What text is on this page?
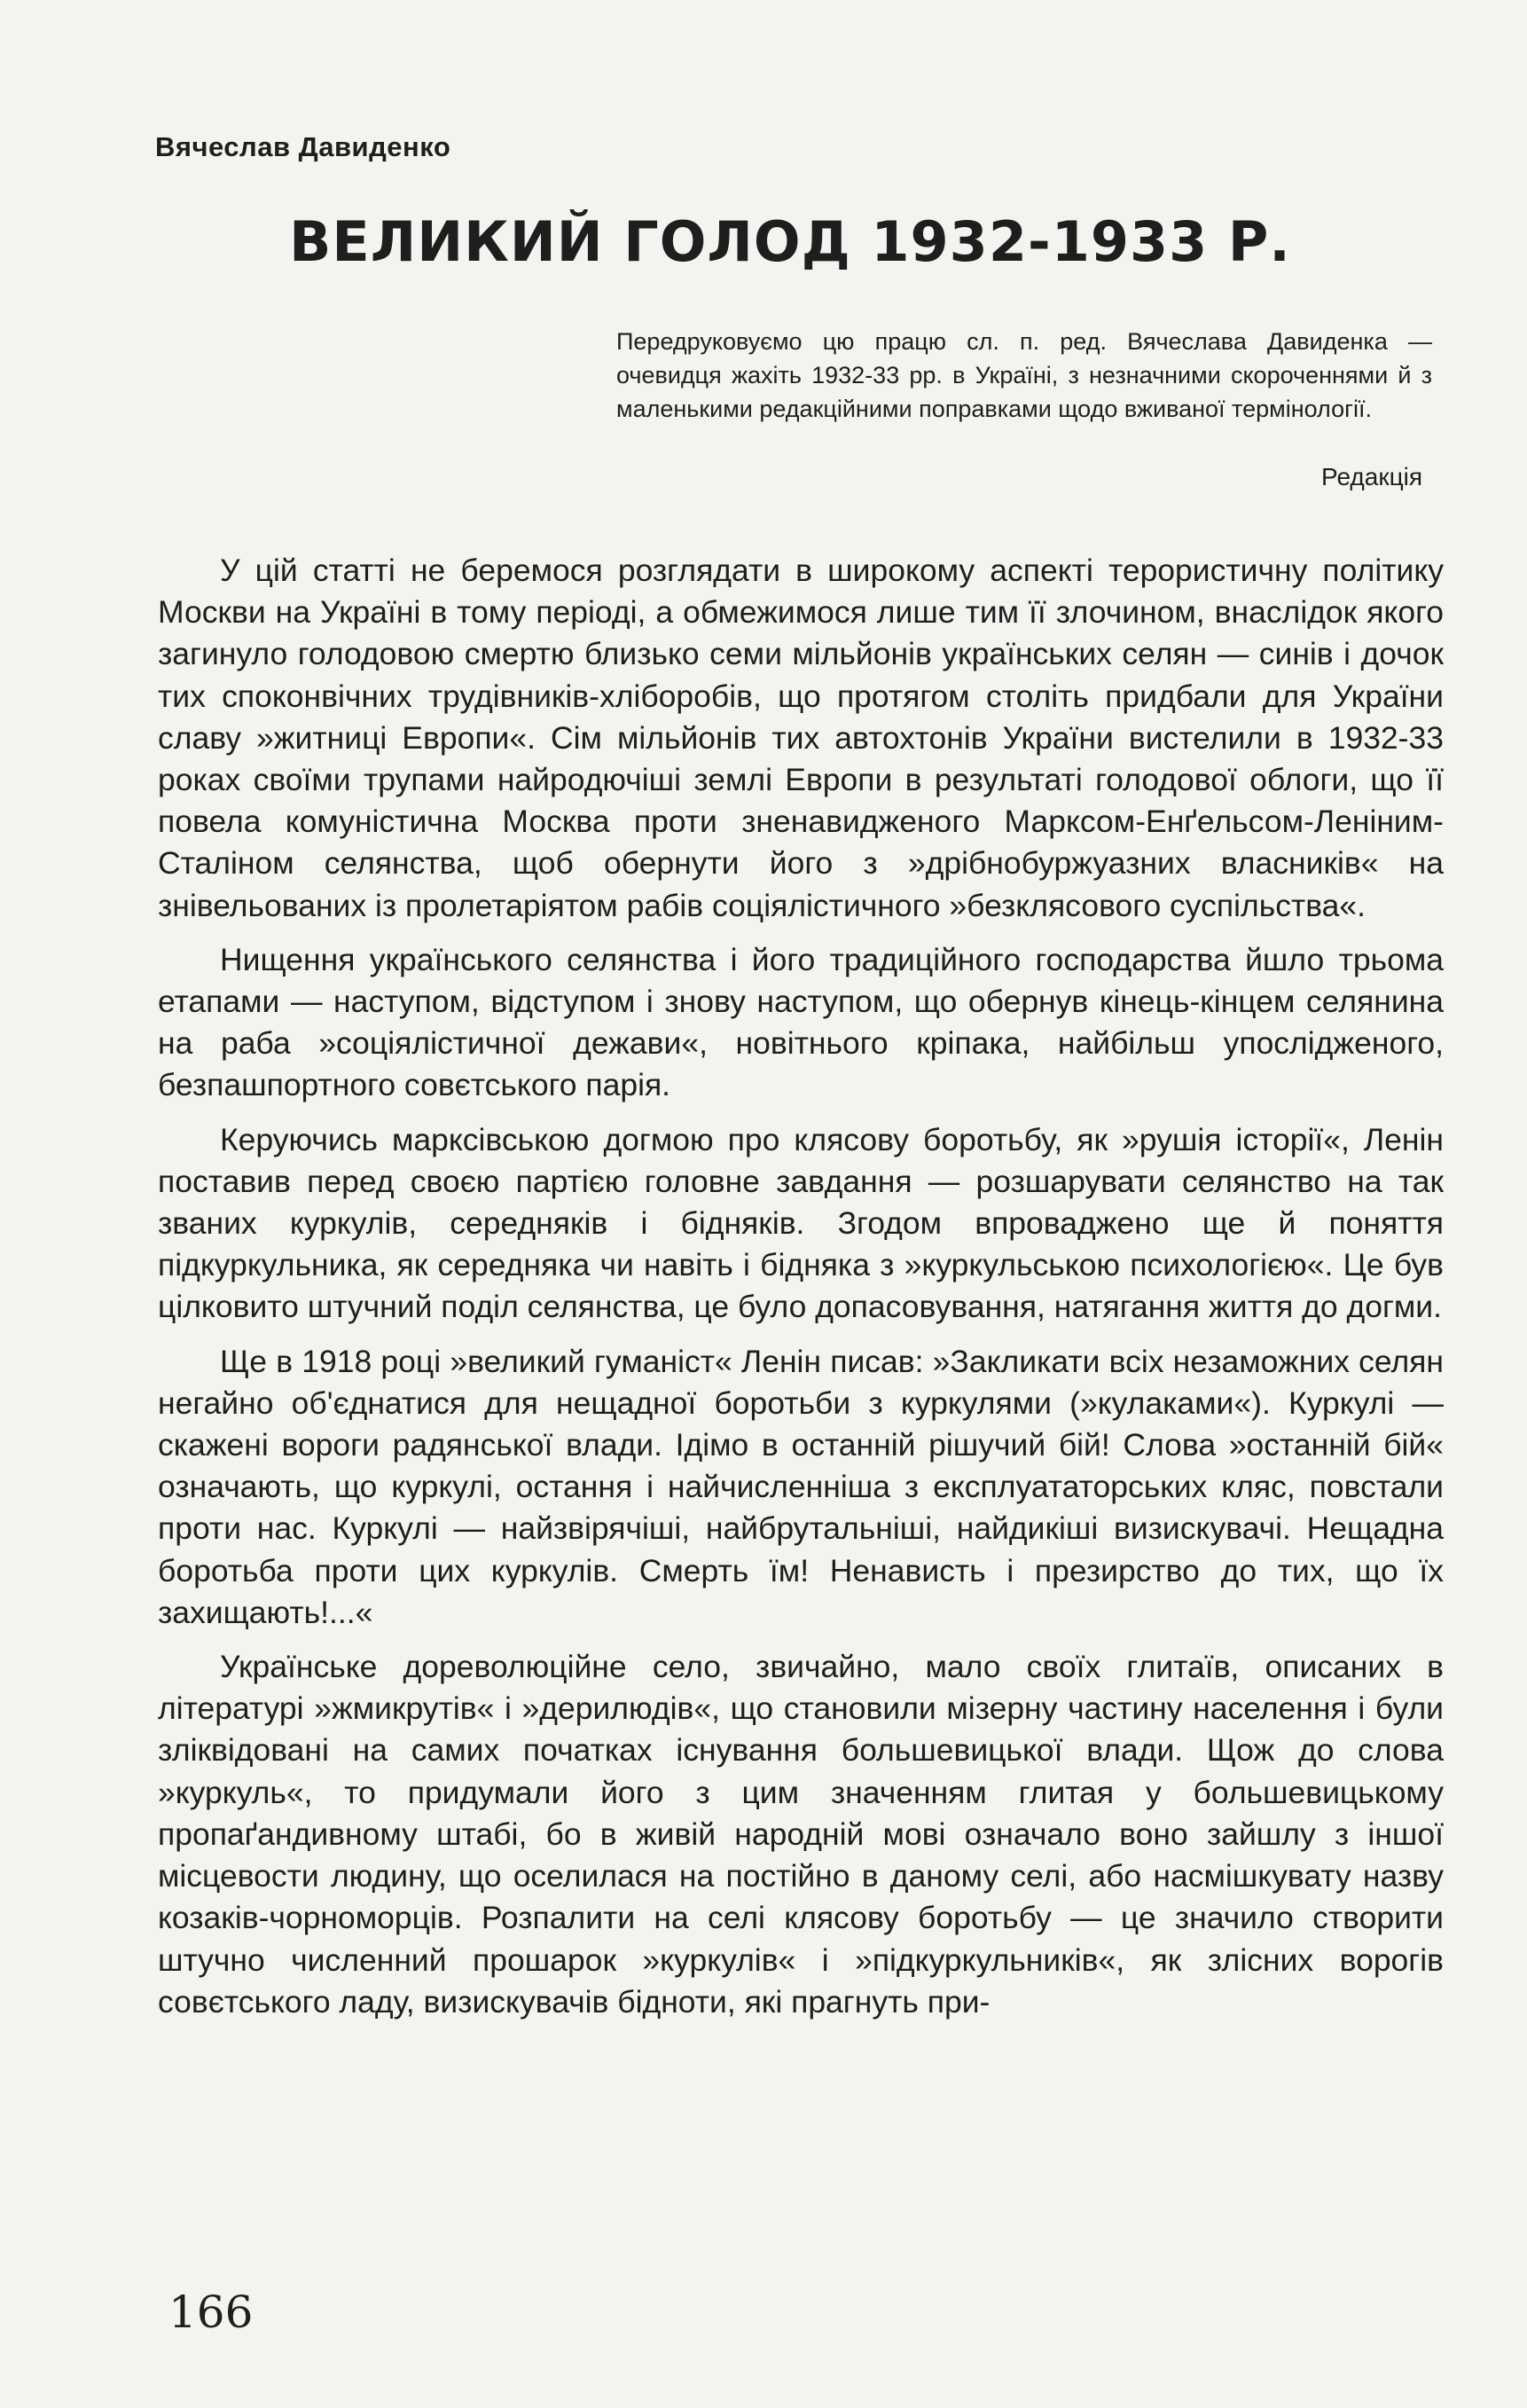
Вячеслав Давиденко
ВЕЛИКИЙ ГОЛОД 1932-1933 Р.
Передруковуємо цю працю сл. п. ред. Вячеслава Давиденка — очевидця жахіть 1932-33 рр. в Україні, з незначними скороченнями й з маленькими редакційними поправками щодо вживаної термінології.
Редакція

У цій статті не беремося розглядати в широкому аспекті терористичну політику Москви на Україні в тому періоді, а обмежимося лише тим її злочином, внаслідок якого загинуло голодовою смертю близько семи мільйонів українських селян — синів і дочок тих споконвічних трудівників-хліборобів, що протягом століть придбали для України славу »житниці Европи«. Сім мільйонів тих автохтонів України вистелили в 1932-33 роках своїми трупами найродючіші землі Европи в результаті голодової облоги, що її повела комуністична Москва проти зненавидженого Марксом-Енґельсом-Леніним-Сталіном селянства, щоб обернути його з »дрібнобуржуазних власників« на знівельованих із пролетаріятом рабів соціялістичного »безклясового суспільства«.

Нищення українського селянства і його традиційного господарства йшло трьома етапами — наступом, відступом і знову наступом, що обернув кінець-кінцем селянина на раба »соціялістичної дежави«, новітнього кріпака, найбільш упослідженого, безпашпортного совєтського парія.

Керуючись марксівською догмою про клясову боротьбу, як »рушія історії«, Ленін поставив перед своєю партією головне завдання — розшарувати селянство на так званих куркулів, середняків і бідняків. Згодом впроваджено ще й поняття підкуркульника, як середняка чи навіть і бідняка з »куркульською психологією«. Це був цілковито штучний поділ селянства, це було допасовування, натягання життя до догми.

Ще в 1918 році »великий гуманіст« Ленін писав: »Закликати всіх незаможних селян негайно об'єднатися для нещадної боротьби з куркулями (»кулаками«). Куркулі — скажені вороги радянської влади. Ідімо в останній рішучий бій! Слова »останній бій« означають, що куркулі, остання і найчисленніша з експлуататорських кляс, повстали проти нас. Куркулі — найзвірячіші, найбрутальніші, найдикіші визискувачі. Нещадна боротьба проти цих куркулів. Смерть їм! Ненависть і презирство до тих, що їх захищають!...«

Українське дореволюційне село, звичайно, мало своїх глитаїв, описаних в літературі »жмикрутів« і »дерилюдів«, що становили мізерну частину населення і були зліквідовані на самих початках існування большевицької влади. Щож до слова »куркуль«, то придумали його з цим значенням глитая у большевицькому пропаґандивному штабі, бо в живій народній мові означало воно зайшлу з іншої місцевости людину, що оселилася на постійно в даному селі, або насмішкувату назву козаків-чорноморців. Розпалити на селі клясову боротьбу — це значило створити штучно численний прошарок »куркулів« і »підкуркульників«, як злісних ворогів совєтського ладу, визискувачів бідноти, які прагнуть при-

166
